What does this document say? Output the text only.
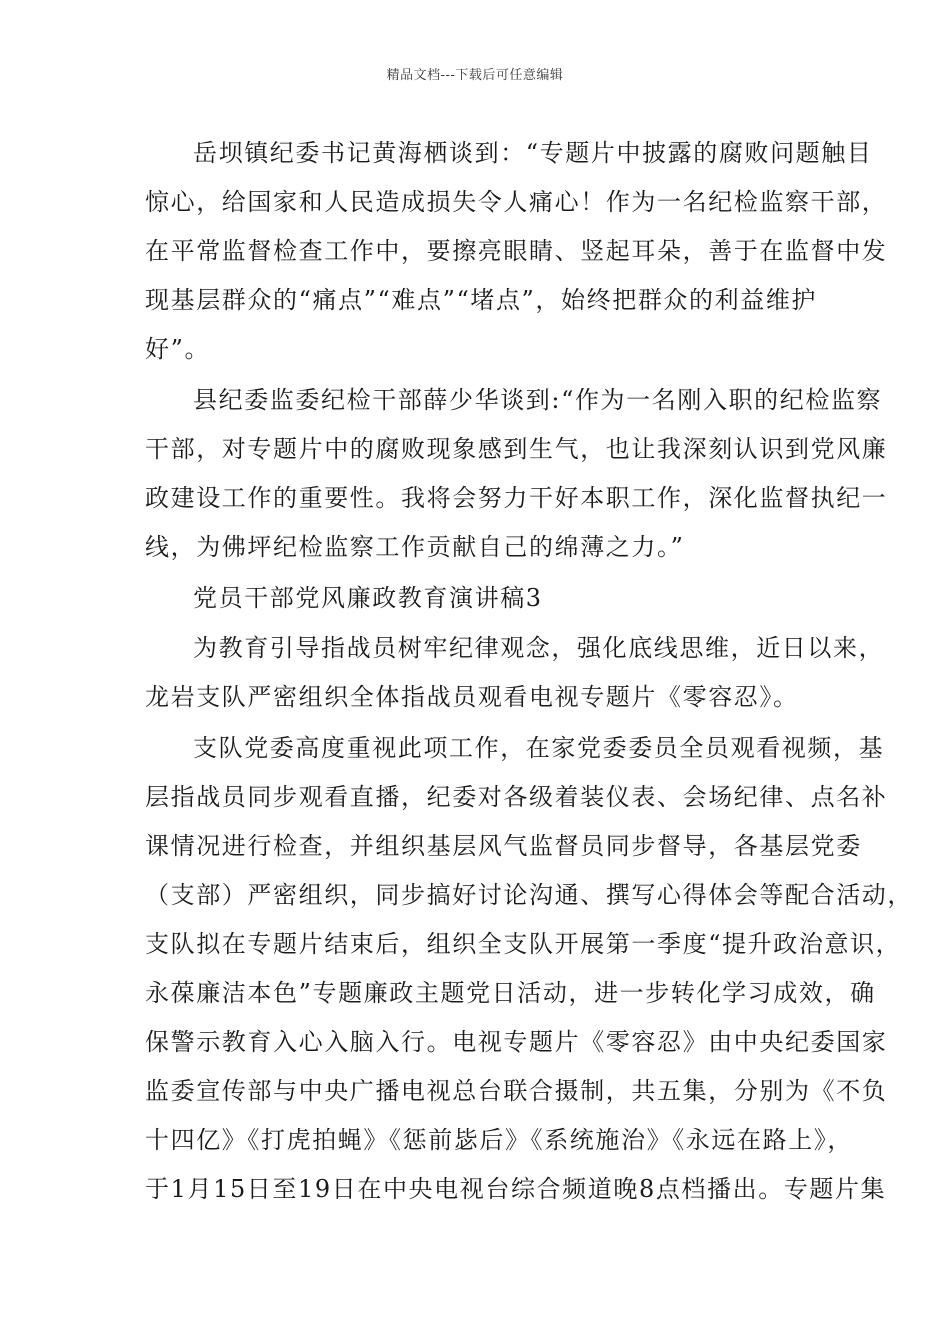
精品文档---下载后可任意编辑
岳坝镇纪委书记黄海栖谈到：“专题片中披露的腐败问题触目
惊心，给国家和人民造成损失令人痛心！作为一名纪检监察干部，
在平常监督检查工作中，要擦亮眼睛、竖起耳朵，善于在监督中发
现基层群众的“痛点”“难点”“堵点”，始终把群众的利益维护
好”。
县纪委监委纪检干部薛少华谈到:“作为一名刚入职的纪检监察
干部，对专题片中的腐败现象感到生气，也让我深刻认识到党风廉
政建设工作的重要性。我将会努力干好本职工作，深化监督执纪一
线，为佛坪纪检监察工作贡献自己的绵薄之力。”
党员干部党风廉政教育演讲稿3
为教育引导指战员树牢纪律观念，强化底线思维，近日以来，
龙岩支队严密组织全体指战员观看电视专题片《零容忍》。
支队党委高度重视此项工作，在家党委委员全员观看视频，基
层指战员同步观看直播，纪委对各级着装仪表、会场纪律、点名补
课情况进行检查，并组织基层风气监督员同步督导，各基层党委
（支部）严密组织，同步搞好讨论沟通、撰写心得体会等配合活动，
支队拟在专题片结束后，组织全支队开展第一季度“提升政治意识，
永葆廉洁本色”专题廉政主题党日活动，进一步转化学习成效，确
保警示教育入心入脑入行。电视专题片《零容忍》由中央纪委国家
监委宣传部与中央广播电视总台联合摄制，共五集，分别为《不负
十四亿》《打虎拍蝇》《惩前毖后》《系统施治》《永远在路上》，
于1月15日至19日在中央电视台综合频道晚8点档播出。专题片集
